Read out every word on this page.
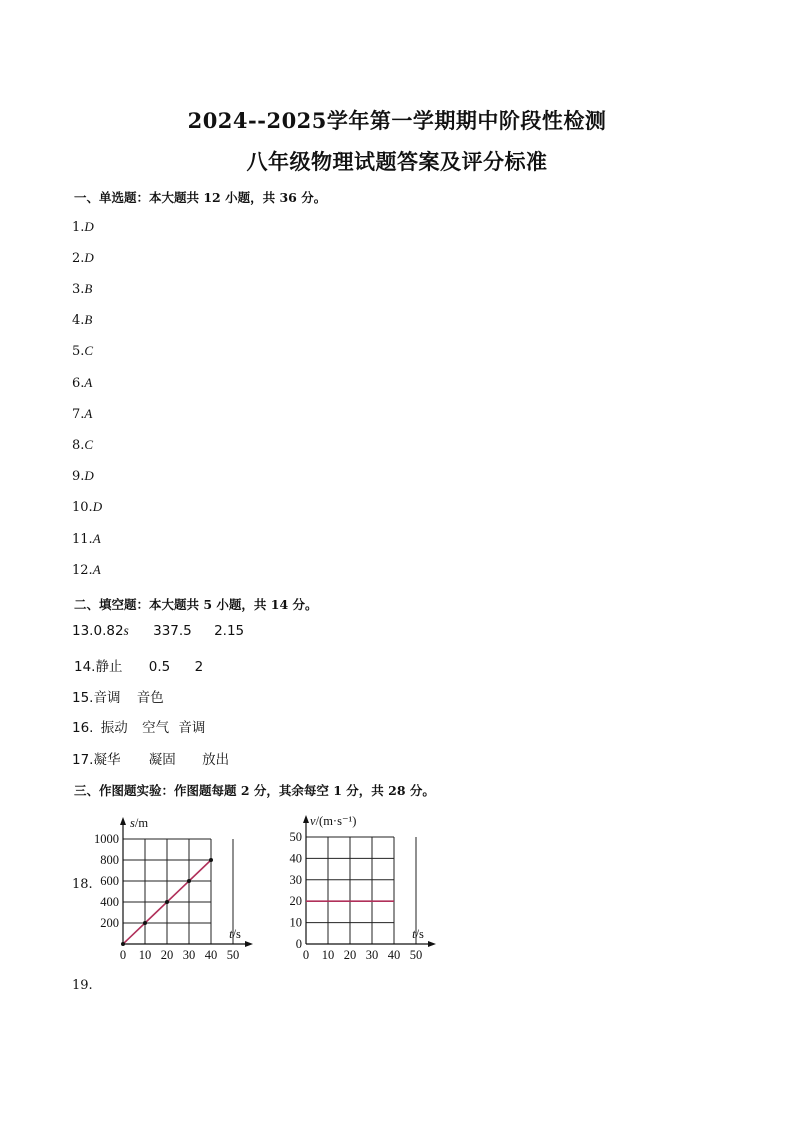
2024--2025学年第一学期期中阶段性检测
八年级物理试题答案及评分标准
一、单选题：本大题共 12 小题，共 36 分。
1.D
2.D
3.B
4.B
5.C
6.A
7.A
8.C
9.D
10.D
11.A
12.A
二、填空题：本大题共 5 小题，共 14 分。
13.0.82s 337.5 2.15
14.静止 0.5 2
15.音调 音色
16. 振动 空气 音调
17.凝华 凝固 放出
三、作图题实验：作图题每题 2 分，其余每空 1 分，共 28 分。
18.
0 10 20 30 40 50
200
400
600
800
1000
s/m
t/s
0 10 20 30 40 50
0
10
20
30
40
50
v/(m·s⁻¹)
t/s
19.
